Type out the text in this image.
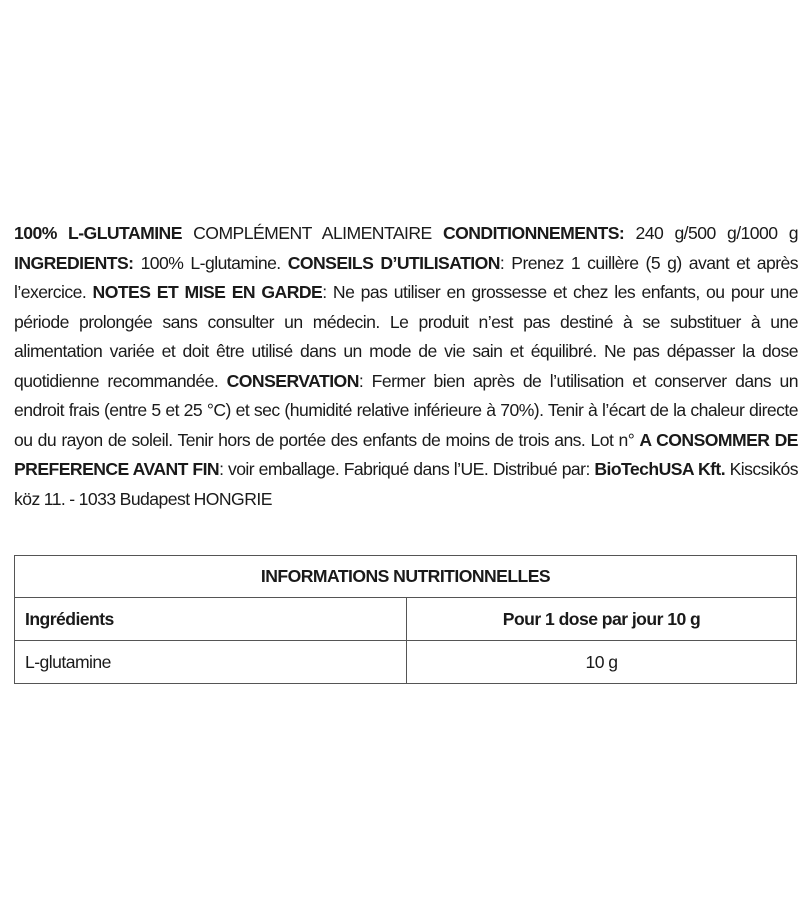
100% L-GLUTAMINE COMPLÉMENT ALIMENTAIRE CONDITIONNEMENTS: 240 g/500 g/1000 g INGREDIENTS: 100% L-glutamine. CONSEILS D’UTILISATION: Prenez 1 cuillère (5 g) avant et après l’exercice. NOTES ET MISE EN GARDE: Ne pas utiliser en grossesse et chez les enfants, ou pour une période prolongée sans consulter un médecin. Le produit n’est pas destiné à se substituer à une alimentation variée et doit être utilisé dans un mode de vie sain et équilibré. Ne pas dépasser la dose quotidienne recommandée. CONSERVATION: Fermer bien après de l’utilisation et conserver dans un endroit frais (entre 5 et 25 °C) et sec (humidité relative inférieure à 70%). Tenir à l’écart de la chaleur directe ou du rayon de soleil. Tenir hors de portée des enfants de moins de trois ans. Lot n° A CONSOMMER DE PREFERENCE AVANT FIN: voir emballage. Fabriqué dans l’UE. Distribué par: BioTechUSA Kft. Kiscsikós köz 11. - 1033 Budapest HONGRIE
INFORMATIONS NUTRITIONNELLES	
Ingrédients	Pour 1 dose par jour 10 g
L-glutamine	10 g
